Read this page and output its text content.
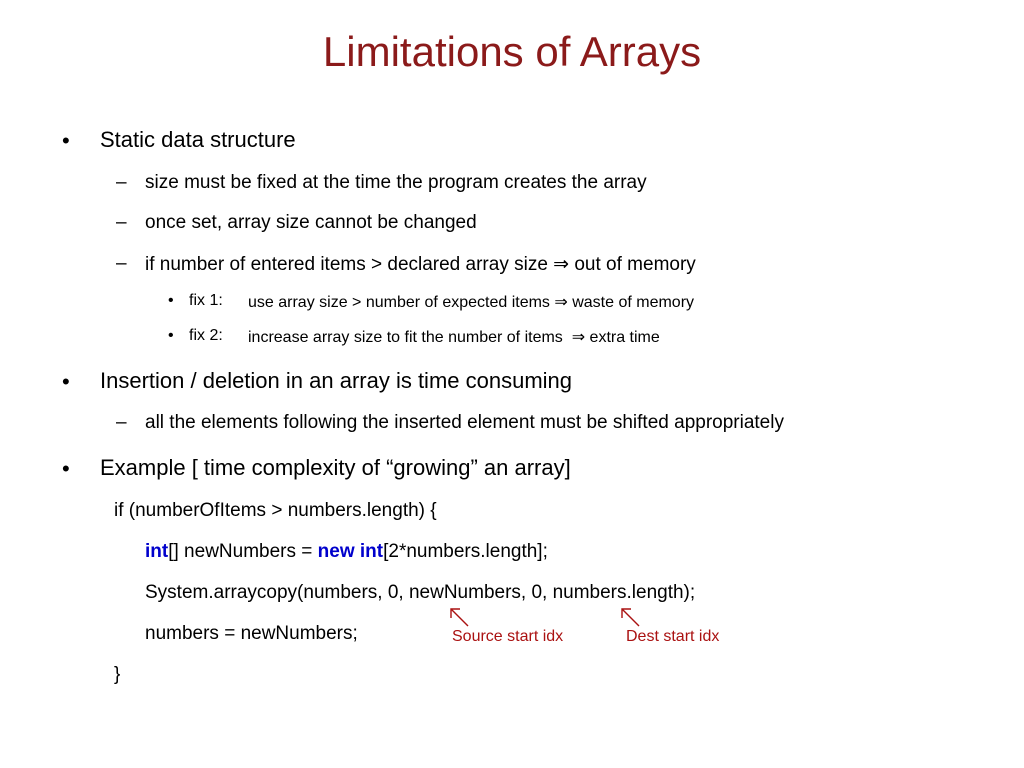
Limitations of Arrays
• Static data structure
– size must be fixed at the time the program creates the array
– once set, array size cannot be changed
– if number of entered items > declared array size ⇒ out of memory
• fix 1: use array size > number of expected items ⇒ waste of memory
• fix 2: increase array size to fit the number of items  ⇒ extra time
• Insertion / deletion in an array is time consuming
– all the elements following the inserted element must be shifted appropriately
• Example [ time complexity of “growing” an array]
if (numberOfItems > numbers.length) {
int[] newNumbers = new int[2*numbers.length];
System.arraycopy(numbers, 0, newNumbers, 0, numbers.length);
numbers = newNumbers;
}
Source start idx	Dest start idx
